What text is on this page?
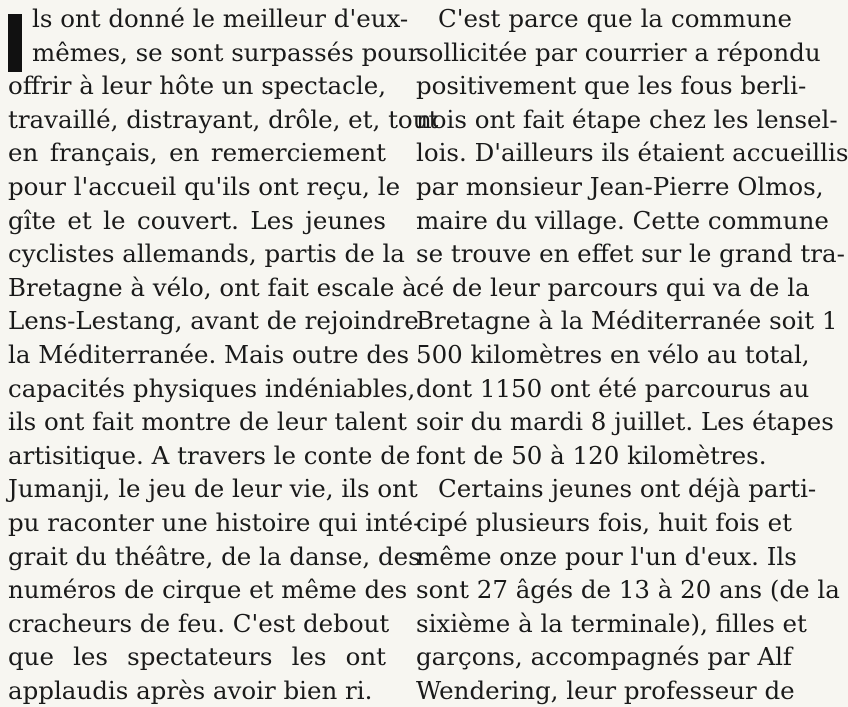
ls ont donné le meilleur d'eux-
mêmes, se sont surpassés pour
offrir à leur hôte un spectacle,
travaillé, distrayant, drôle, et, tout
en français, en remerciement
pour l'accueil qu'ils ont reçu, le
gîte et le couvert. Les jeunes
cyclistes allemands, partis de la
Bretagne à vélo, ont fait escale à
Lens-Lestang, avant de rejoindre
la Méditerranée. Mais outre des
capacités physiques indéniables,
ils ont fait montre de leur talent
artisitique. A travers le conte de
Jumanji, le jeu de leur vie, ils ont
pu raconter une histoire qui inté-
grait du théâtre, de la danse, des
numéros de cirque et même des
cracheurs de feu. C'est debout
que les spectateurs les ont
applaudis après avoir bien ri.
C'est parce que la commune
sollicitée par courrier a répondu
positivement que les fous berli-
nois ont fait étape chez les lensel-
lois. D'ailleurs ils étaient accueillis
par monsieur Jean-Pierre Olmos,
maire du village. Cette commune
se trouve en effet sur le grand tra-
cé de leur parcours qui va de la
Bretagne à la Méditerranée soit 1
500 kilomètres en vélo au total,
dont 1150 ont été parcourus au
soir du mardi 8 juillet. Les étapes
font de 50 à 120 kilomètres.
Certains jeunes ont déjà parti-
cipé plusieurs fois, huit fois et
même onze pour l'un d'eux. Ils
sont 27 âgés de 13 à 20 ans (de la
sixième à la terminale), filles et
garçons, accompagnés par Alf
Wendering, leur professeur de
